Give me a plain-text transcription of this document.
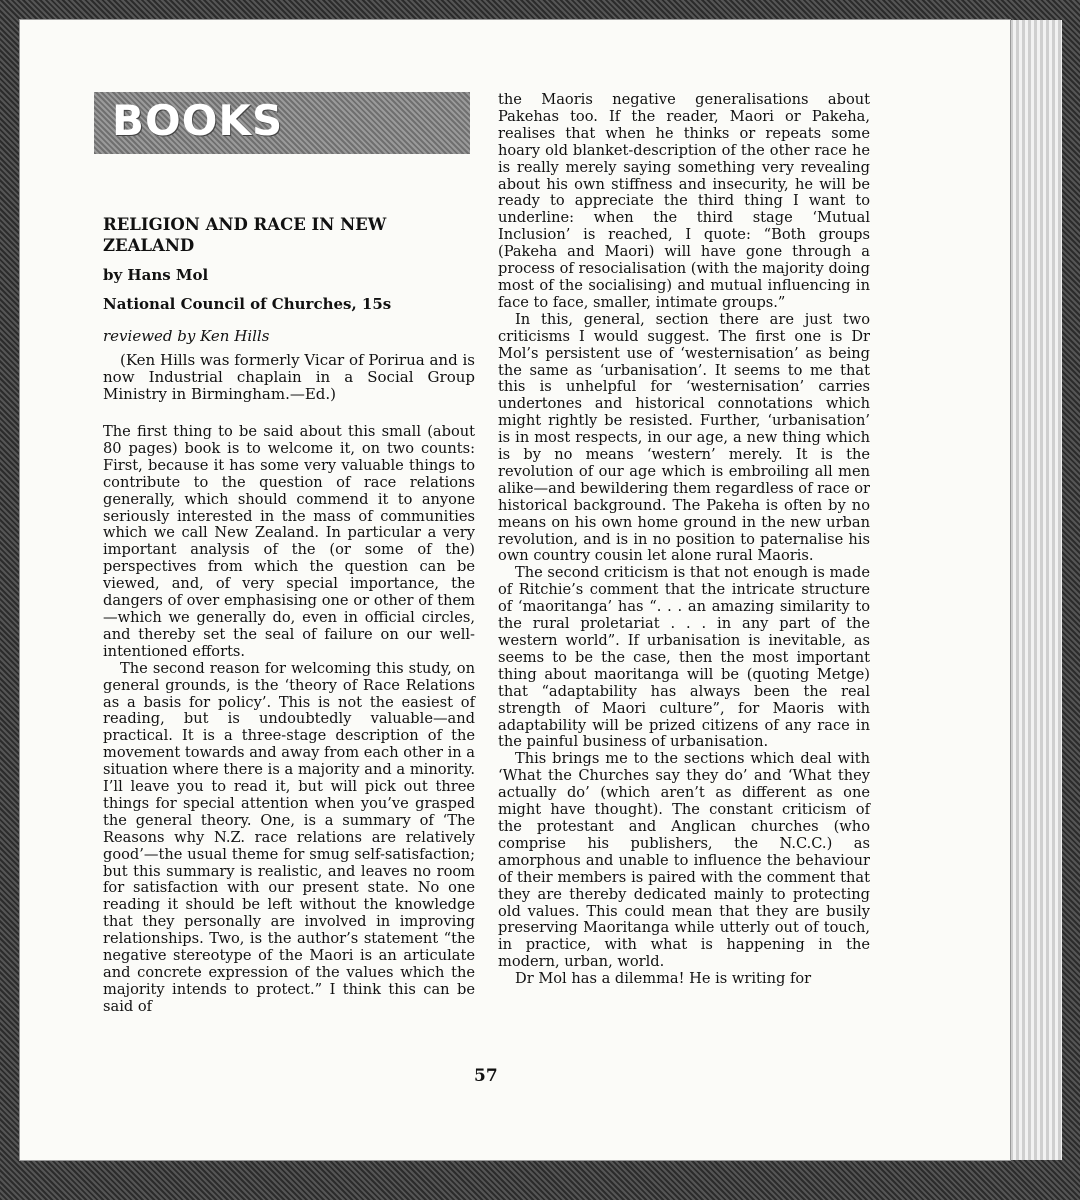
BOOKS
RELIGION AND RACE IN NEW ZEALAND
by Hans Mol
National Council of Churches, 15s
reviewed by Ken Hills
(Ken Hills was formerly Vicar of Porirua and is now Industrial chaplain in a Social Group Ministry in Birmingham.—Ed.)

The first thing to be said about this small (about 80 pages) book is to welcome it, on two counts: First, because it has some very valuable things to contribute to the question of race relations generally, which should commend it to anyone seriously interested in the mass of communities which we call New Zealand. In particular a very important analysis of the (or some of the) perspectives from which the question can be viewed, and, of very special importance, the dangers of over emphasising one or other of them—which we generally do, even in official circles, and thereby set the seal of failure on our well-intentioned efforts.

The second reason for welcoming this study, on general grounds, is the ‘theory of Race Relations as a basis for policy’. This is not the easiest of reading, but is undoubtedly valuable—and practical. It is a three-stage description of the movement towards and away from each other in a situation where there is a majority and a minority. I’ll leave you to read it, but will pick out three things for special attention when you’ve grasped the general theory. One, is a summary of ‘The Reasons why N.Z. race relations are relatively good’—the usual theme for smug self-satisfaction; but this summary is realistic, and leaves no room for satisfaction with our present state. No one reading it should be left without the knowledge that they personally are involved in improving relationships. Two, is the author’s statement “the negative stereotype of the Maori is an articulate and concrete expression of the values which the majority intends to protect.” I think this can be said of

the Maoris negative generalisations about Pakehas too. If the reader, Maori or Pakeha, realises that when he thinks or repeats some hoary old blanket-description of the other race he is really merely saying something very revealing about his own stiffness and insecurity, he will be ready to appreciate the third thing I want to underline: when the third stage ‘Mutual Inclusion’ is reached, I quote: “Both groups (Pakeha and Maori) will have gone through a process of resocialisation (with the majority doing most of the socialising) and mutual influencing in face to face, smaller, intimate groups.”

In this, general, section there are just two criticisms I would suggest. The first one is Dr Mol’s persistent use of ‘westernisation’ as being the same as ‘urbanisation’. It seems to me that this is unhelpful for ‘westernisation’ carries undertones and historical connotations which might rightly be resisted. Further, ‘urbanisation’ is in most respects, in our age, a new thing which is by no means ‘western’ merely. It is the revolution of our age which is embroiling all men alike—and bewildering them regardless of race or historical background. The Pakeha is often by no means on his own home ground in the new urban revolution, and is in no position to paternalise his own country cousin let alone rural Maoris.

The second criticism is that not enough is made of Ritchie’s comment that the intricate structure of ‘maoritanga’ has “. . . an amazing similarity to the rural proletariat . . . in any part of the western world”. If urbanisation is inevitable, as seems to be the case, then the most important thing about maoritanga will be (quoting Metge) that “adaptability has always been the real strength of Maori culture”, for Maoris with adaptability will be prized citizens of any race in the painful business of urbanisation.

This brings me to the sections which deal with ‘What the Churches say they do’ and ‘What they actually do’ (which aren’t as different as one might have thought). The constant criticism of the protestant and Anglican churches (who comprise his publishers, the N.C.C.) as amorphous and unable to influence the behaviour of their members is paired with the comment that they are thereby dedicated mainly to protecting old values. This could mean that they are busily preserving Maoritanga while utterly out of touch, in practice, with what is happening in the modern, urban, world.

Dr Mol has a dilemma! He is writing for

57
